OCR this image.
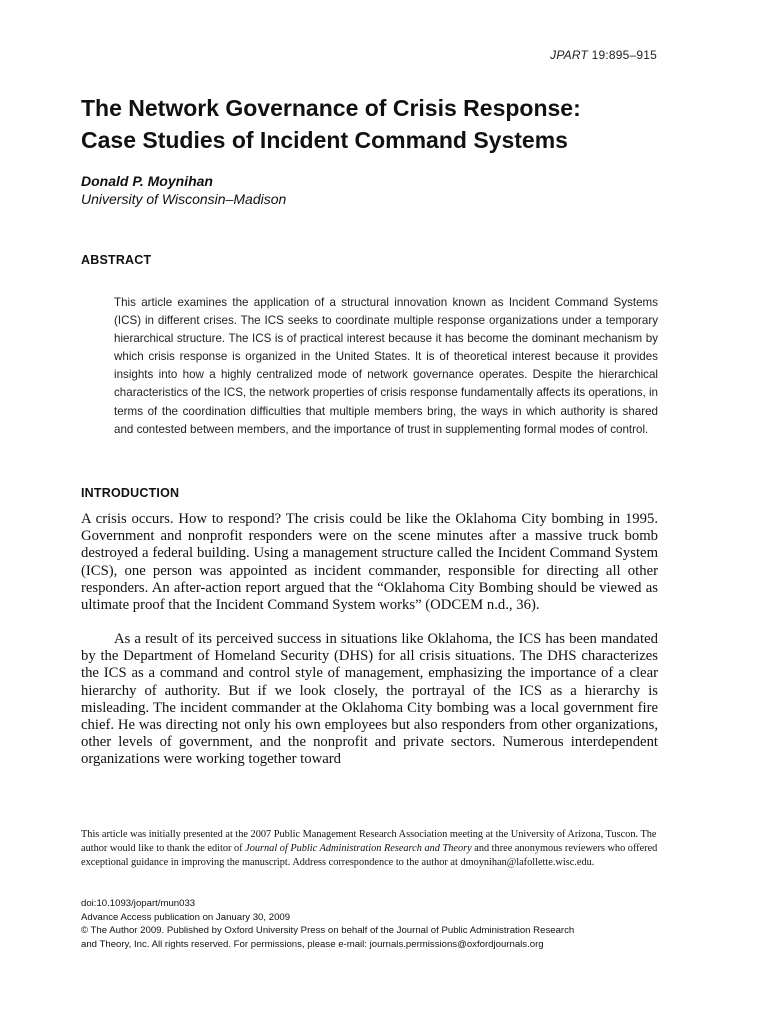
JPART 19:895–915
The Network Governance of Crisis Response:
Case Studies of Incident Command Systems

Donald P. Moynihan

University of Wisconsin–Madison

ABSTRACT

This article examines the application of a structural innovation known as Incident Command Systems (ICS) in different crises. The ICS seeks to coordinate multiple response organizations under a temporary hierarchical structure. The ICS is of practical interest because it has become the dominant mechanism by which crisis response is organized in the United States. It is of theoretical interest because it provides insights into how a highly centralized mode of network governance operates. Despite the hierarchical characteristics of the ICS, the network properties of crisis response fundamentally affects its operations, in terms of the coordination difficulties that multiple members bring, the ways in which authority is shared and contested between members, and the importance of trust in supplementing formal modes of control.

INTRODUCTION

A crisis occurs. How to respond? The crisis could be like the Oklahoma City bombing in 1995. Government and nonprofit responders were on the scene minutes after a massive truck bomb destroyed a federal building. Using a management structure called the Incident Command System (ICS), one person was appointed as incident commander, responsible for directing all other responders. An after-action report argued that the “Oklahoma City Bombing should be viewed as ultimate proof that the Incident Command System works” (ODCEM n.d., 36).

As a result of its perceived success in situations like Oklahoma, the ICS has been mandated by the Department of Homeland Security (DHS) for all crisis situations. The DHS characterizes the ICS as a command and control style of management, emphasizing the importance of a clear hierarchy of authority. But if we look closely, the portrayal of the ICS as a hierarchy is misleading. The incident commander at the Oklahoma City bombing was a local government fire chief. He was directing not only his own employees but also responders from other organizations, other levels of government, and the nonprofit and private sectors. Numerous interdependent organizations were working together toward

This article was initially presented at the 2007 Public Management Research Association meeting at the University of Arizona, Tuscon. The author would like to thank the editor of Journal of Public Administration Research and Theory and three anonymous reviewers who offered exceptional guidance in improving the manuscript. Address correspondence to the author at dmoynihan@lafollette.wisc.edu.

doi:10.1093/jopart/mun033
Advance Access publication on January 30, 2009
© The Author 2009. Published by Oxford University Press on behalf of the Journal of Public Administration Research
and Theory, Inc. All rights reserved. For permissions, please e-mail: journals.permissions@oxfordjournals.org
